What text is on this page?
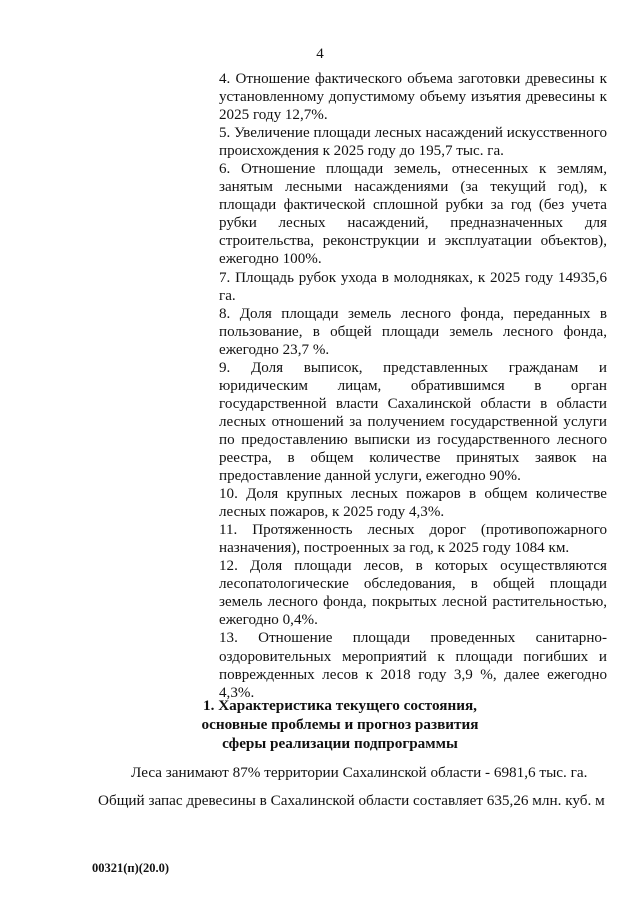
4

4. Отношение фактического объема заготовки древесины к установленному допустимому объему изъятия древесины к 2025 году 12,7%.

5. Увеличение площади лесных насаждений искусственного происхождения к 2025 году до 195,7 тыс. га.

6. Отношение площади земель, отнесенных к землям, занятым лесными насаждениями (за текущий год), к площади фактической сплошной рубки за год (без учета рубки лесных насаждений, предназначенных для строительства, реконструкции и эксплуатации объектов), ежегодно 100%.

7. Площадь рубок ухода в молодняках, к 2025 году 14935,6 га.

8. Доля площади земель лесного фонда, переданных в пользование, в общей площади земель лесного фонда, ежегодно 23,7 %.

9. Доля выписок, представленных гражданам и юридическим лицам, обратившимся в орган государственной власти Сахалинской области в области лесных отношений за получением государственной услуги по предоставлению выписки из государственного лесного реестра, в общем количестве принятых заявок на предоставление данной услуги, ежегодно 90%.

10. Доля крупных лесных пожаров в общем количестве лесных пожаров, к 2025 году 4,3%.

11. Протяженность лесных дорог (противопожарного назначения), построенных за год, к 2025 году 1084 км.

12. Доля площади лесов, в которых осуществляются лесопатологические обследования, в общей площади земель лесного фонда, покрытых лесной растительностью, ежегодно 0,4%.

13. Отношение площади проведенных санитарно-оздоровительных мероприятий к площади погибших и поврежденных лесов к 2018 году 3,9 %, далее ежегодно 4,3%.

1. Характеристика текущего состояния,
основные проблемы и прогноз развития
сферы реализации подпрограммы
Леса занимают 87% территории Сахалинской области - 6981,6 тыс. га.
Общий запас древесины в Сахалинской области составляет 635,26 млн. куб. м
00321(п)(20.0)
